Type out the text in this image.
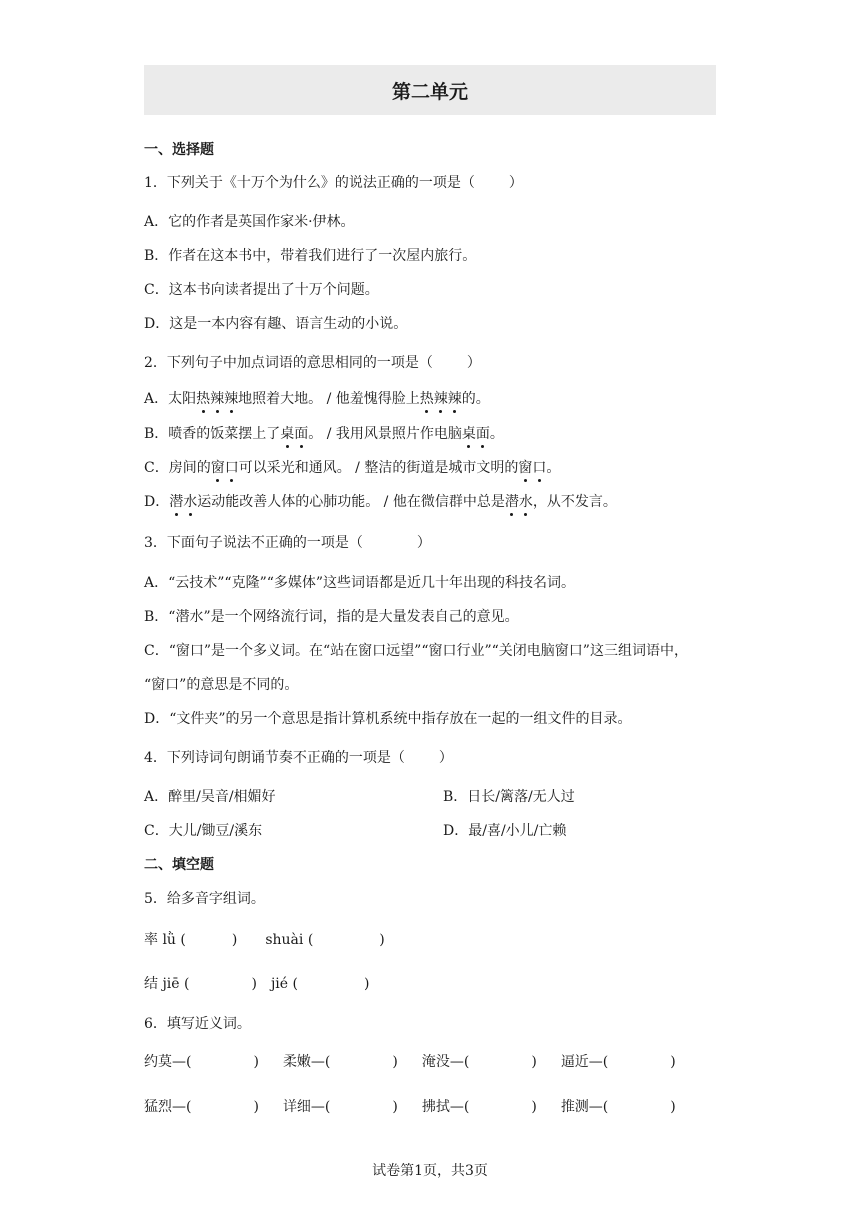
第二单元
一、选择题
1．下列关于《十万个为什么》的说法正确的一项是（ ）
A．它的作者是英国作家米·伊林。
B．作者在这本书中，带着我们进行了一次屋内旅行。
C．这本书向读者提出了十万个问题。
D．这是一本内容有趣、语言生动的小说。
2．下列句子中加点词语的意思相同的一项是（ ）
A．太阳热辣辣地照着大地。 / 他羞愧得脸上热辣辣的。
B．喷香的饭菜摆上了桌面。 / 我用风景照片作电脑桌面。
C．房间的窗口可以采光和通风。 / 整洁的街道是城市文明的窗口。
D．潜水运动能改善人体的心肺功能。 / 他在微信群中总是潜水，从不发言。
3．下面句子说法不正确的一项是（	）
A．“云技术”“克隆”“多媒体”这些词语都是近几十年出现的科技名词。
B．“潜水”是一个网络流行词，指的是大量发表自己的意见。
C．“窗口”是一个多义词。在“站在窗口远望”“窗口行业”“关闭电脑窗口”这三组词语中，
“窗口”的意思是不同的。
D．“文件夹”的另一个意思是指计算机系统中指存放在一起的一组文件的目录。
4．下列诗词句朗诵节奏不正确的一项是（ ）
A．醉里/吴音/相媚好	B．日长/篱落/无人过
C．大儿/锄豆/溪东	D．最/喜/小儿/亡赖
二、填空题
5．给多音字组词。
率 lǜ (	) shuài (	)
结 jiē (	) jié (	)
6．填写近义词。
约莫—(	) 柔嫩—(	) 淹没—(	) 逼近—(	)
猛烈—(	) 详细—(	) 拂拭—(	) 推测—(	)
试卷第1页，共3页
